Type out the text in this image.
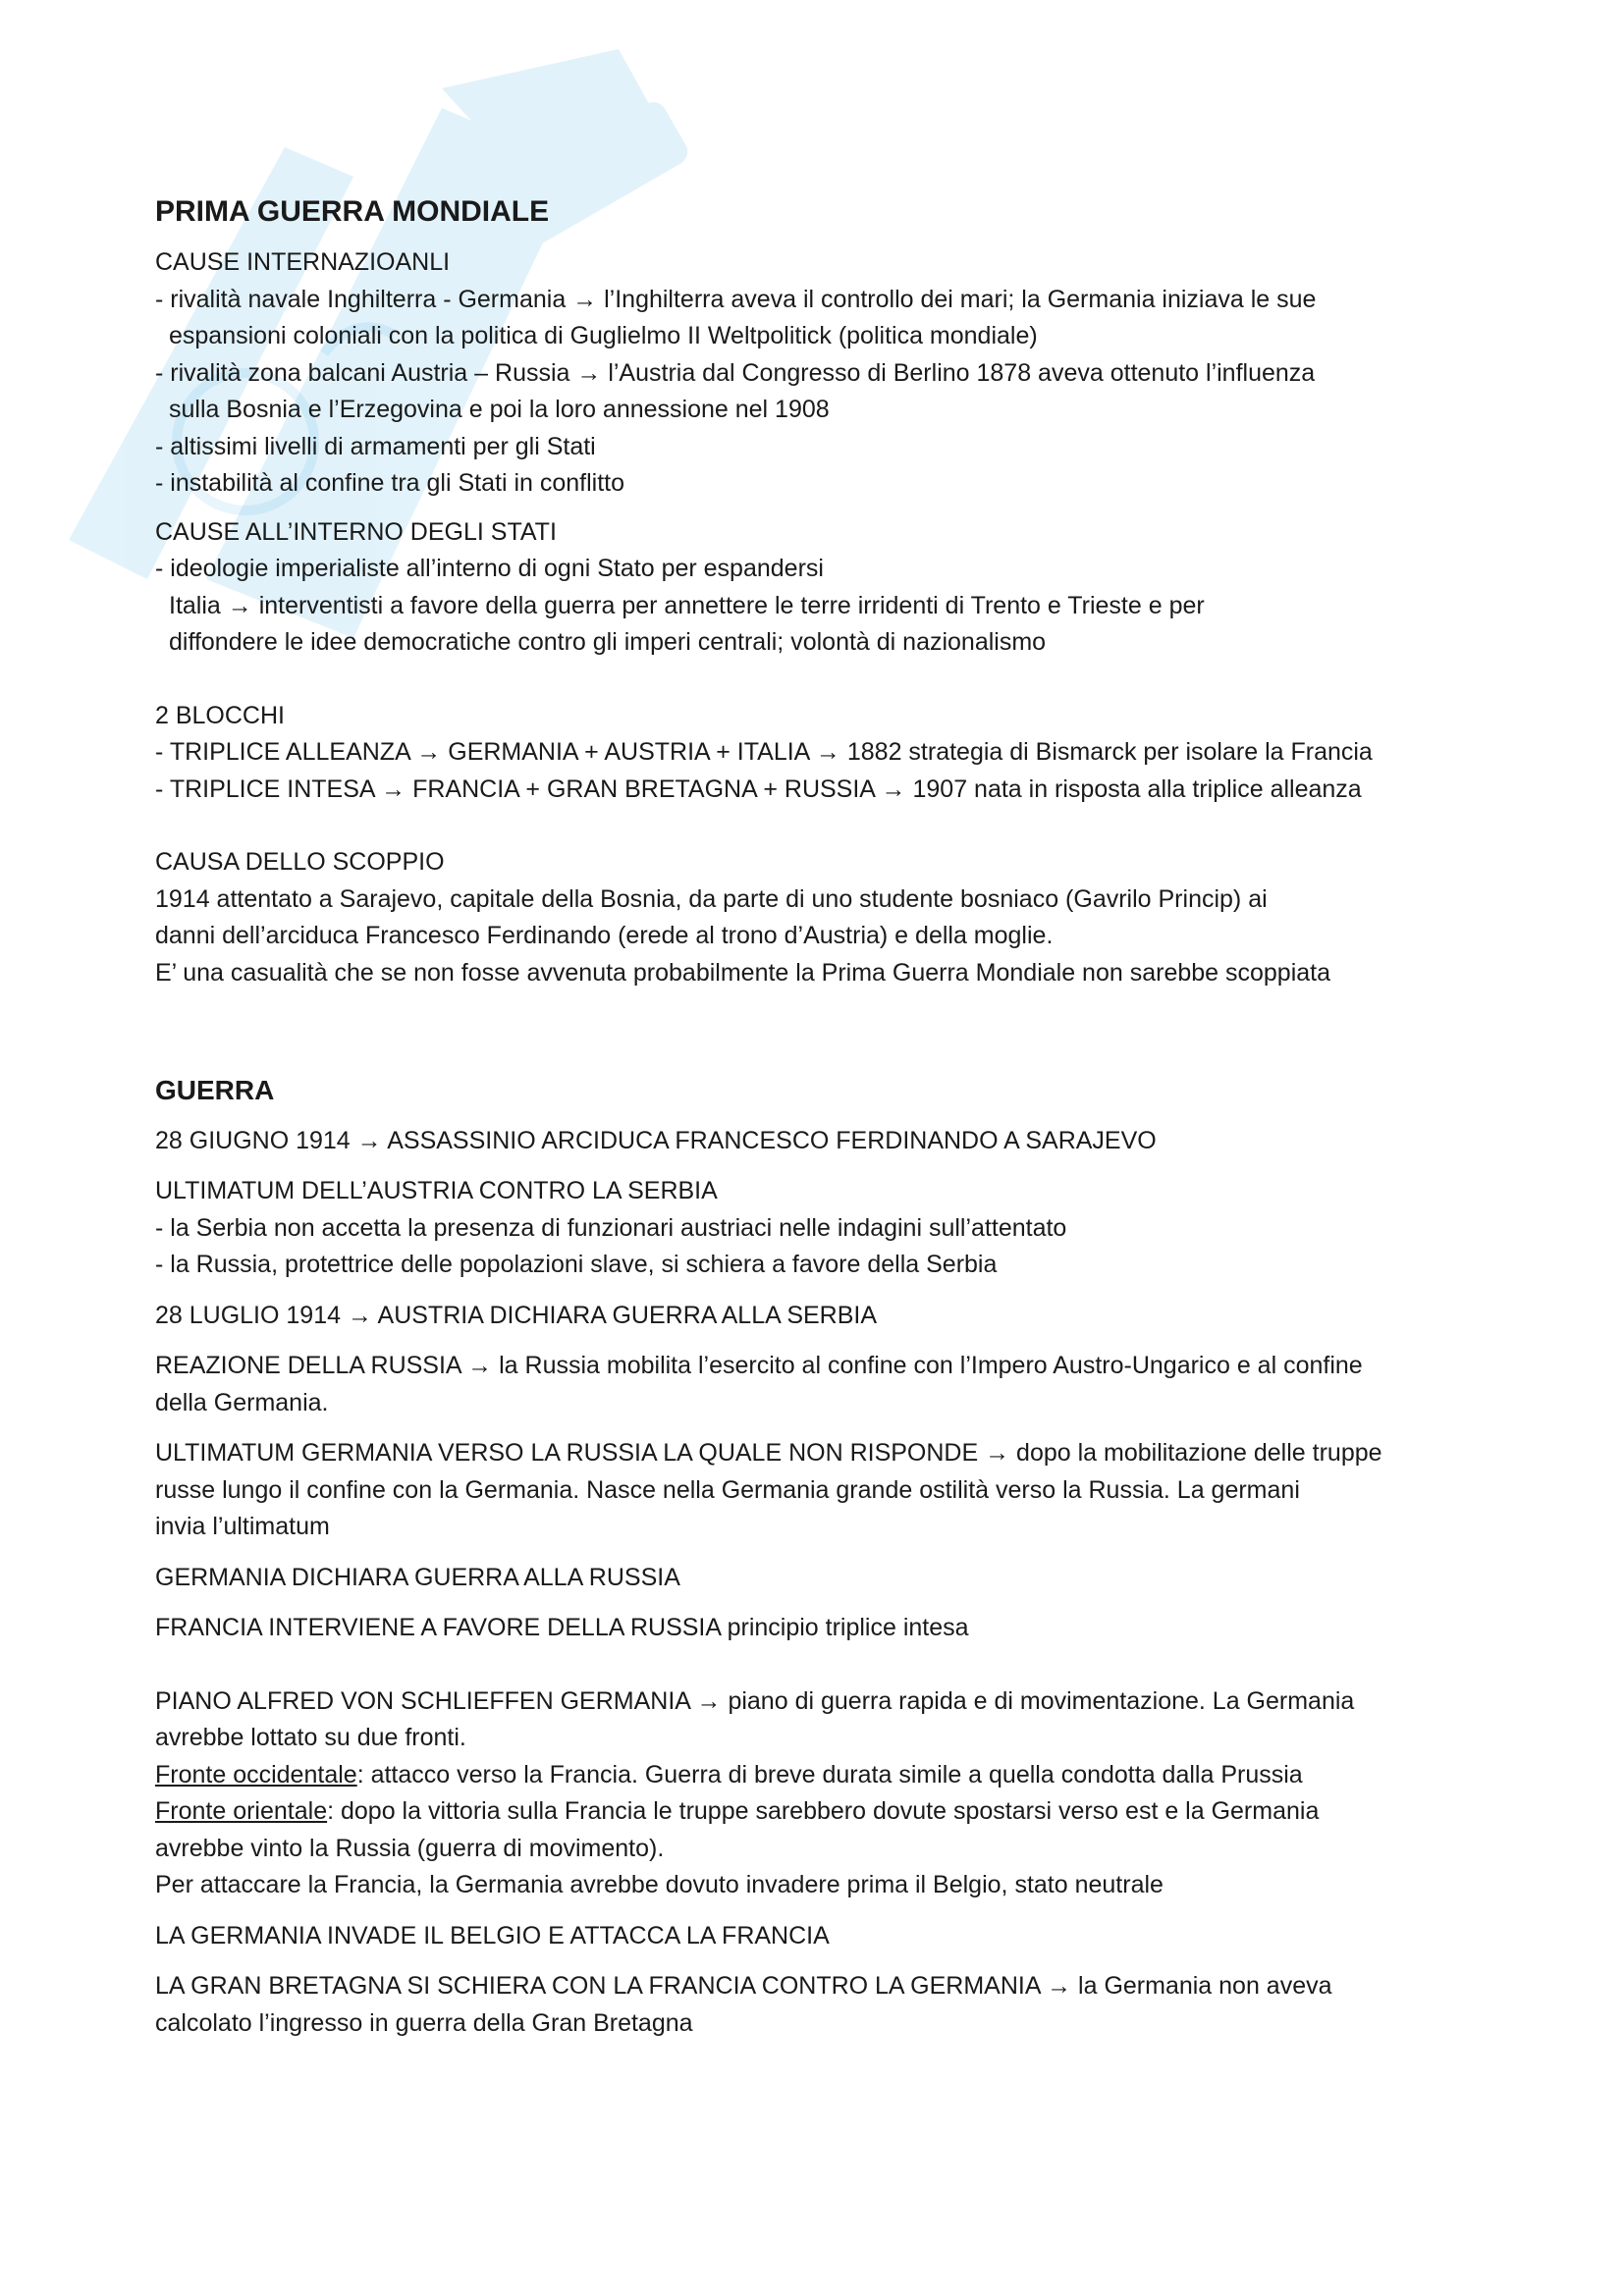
PRIMA GUERRA MONDIALE

CAUSE INTERNAZIOANLI

- rivalità navale Inghilterra - Germania → l’Inghilterra aveva il controllo dei mari; la Germania iniziava le sue

espansioni coloniali con la politica di Guglielmo II Weltpolitick (politica mondiale)

- rivalità zona balcani Austria – Russia → l’Austria dal Congresso di Berlino 1878 aveva ottenuto l’influenza

sulla Bosnia e l’Erzegovina e poi la loro annessione nel 1908

- altissimi livelli di armamenti per gli Stati

- instabilità al confine tra gli Stati in conflitto

CAUSE ALL’INTERNO DEGLI STATI

- ideologie imperialiste all’interno di ogni Stato per espandersi

Italia → interventisti a favore della guerra per annettere le terre irridenti di Trento e Trieste e per

diffondere le idee democratiche contro gli imperi centrali; volontà di nazionalismo

2 BLOCCHI

- TRIPLICE ALLEANZA → GERMANIA + AUSTRIA + ITALIA → 1882 strategia di Bismarck per isolare la Francia

- TRIPLICE INTESA → FRANCIA + GRAN BRETAGNA + RUSSIA → 1907 nata in risposta alla triplice alleanza

CAUSA DELLO SCOPPIO

1914 attentato a Sarajevo, capitale della Bosnia, da parte di uno studente bosniaco (Gavrilo Princip) ai

danni dell’arciduca Francesco Ferdinando (erede al trono d’Austria) e della moglie.

E’ una casualità che se non fosse avvenuta probabilmente la Prima Guerra Mondiale non sarebbe scoppiata

GUERRA

28 GIUGNO 1914 → ASSASSINIO ARCIDUCA FRANCESCO FERDINANDO A SARAJEVO

ULTIMATUM DELL’AUSTRIA CONTRO LA SERBIA

- la Serbia non accetta la presenza di funzionari austriaci nelle indagini sull’attentato

- la Russia, protettrice delle popolazioni slave, si schiera a favore della Serbia

28 LUGLIO 1914 → AUSTRIA DICHIARA GUERRA ALLA SERBIA

REAZIONE DELLA RUSSIA → la Russia mobilita l’esercito al confine con l’Impero Austro-Ungarico e al confine

della Germania.

ULTIMATUM GERMANIA VERSO LA RUSSIA LA QUALE NON RISPONDE → dopo la mobilitazione delle truppe

russe lungo il confine con la Germania. Nasce nella Germania grande ostilità verso la Russia. La germani

invia l’ultimatum

GERMANIA DICHIARA GUERRA ALLA RUSSIA

FRANCIA INTERVIENE A FAVORE DELLA RUSSIA principio triplice intesa

PIANO ALFRED VON SCHLIEFFEN GERMANIA → piano di guerra rapida e di movimentazione. La Germania

avrebbe lottato su due fronti.

Fronte occidentale: attacco verso la Francia. Guerra di breve durata simile a quella condotta dalla Prussia

Fronte orientale: dopo la vittoria sulla Francia le truppe sarebbero dovute spostarsi verso est e la Germania

avrebbe vinto la Russia (guerra di movimento).

Per attaccare la Francia, la Germania avrebbe dovuto invadere prima il Belgio, stato neutrale

LA GERMANIA INVADE IL BELGIO E ATTACCA LA FRANCIA

LA GRAN BRETAGNA SI SCHIERA CON LA FRANCIA CONTRO LA GERMANIA → la Germania non aveva

calcolato l’ingresso in guerra della Gran Bretagna
